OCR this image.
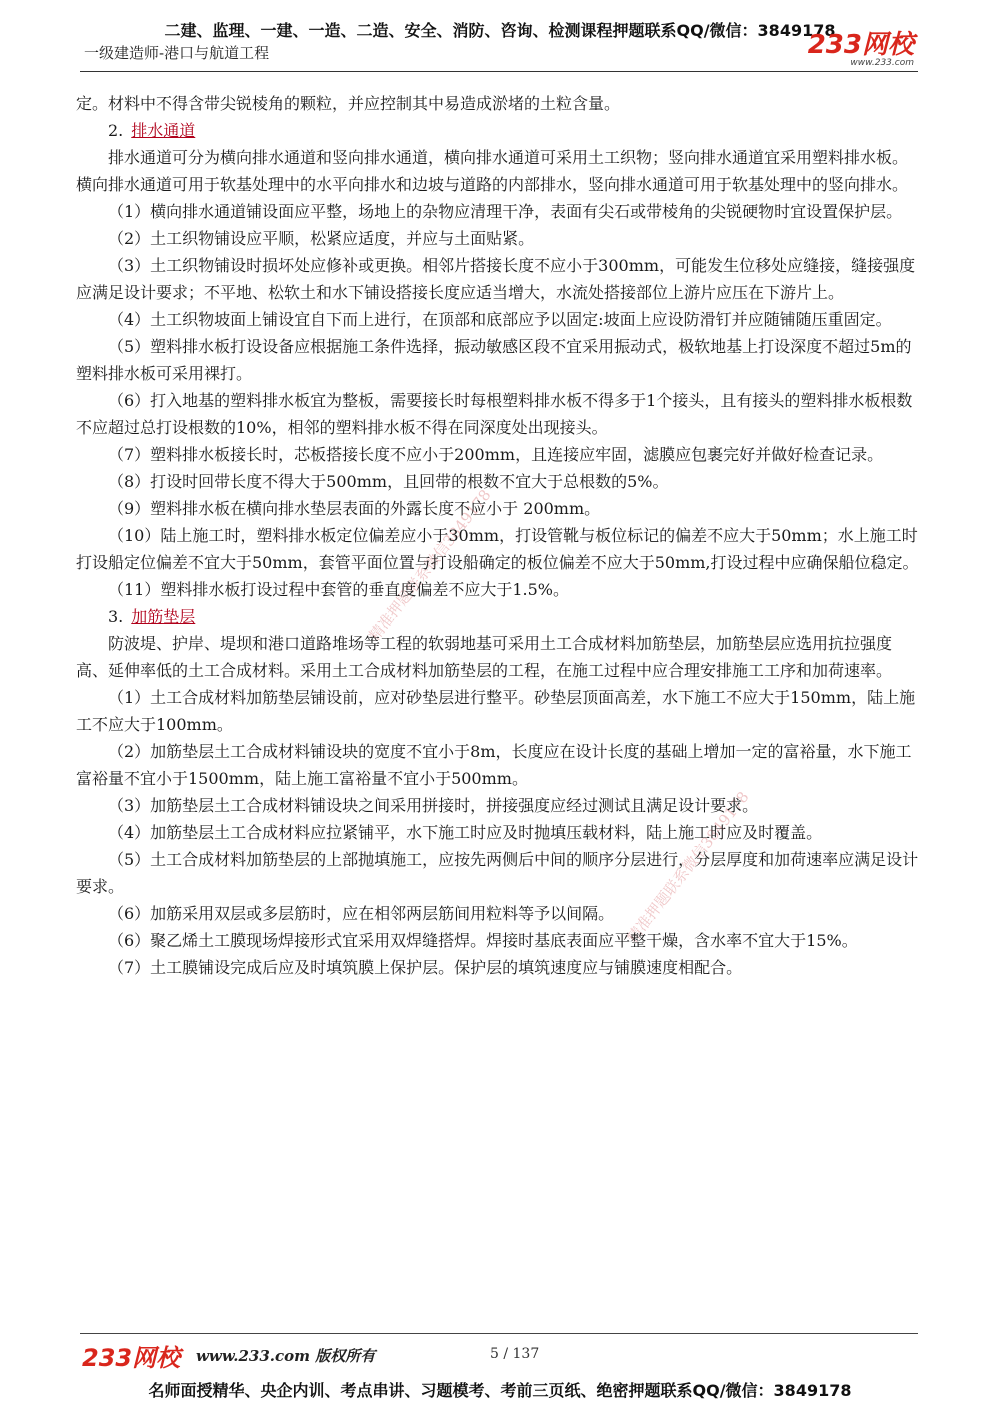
二建、监理、一建、一造、二造、安全、消防、咨询、检测课程押题联系QQ/微信：3849178
一级建造师-港口与航道工程	233网校
www.233.com
精准押题联系微信3849178
精准押题联系微信3849178

定。材料中不得含带尖锐棱角的颗粒，并应控制其中易造成淤堵的土粒含量。

2. 排水通道

排水通道可分为横向排水通道和竖向排水通道，横向排水通道可采用土工织物；竖向排水通道宜采用塑料排水板。横向排水通道可用于软基处理中的水平向排水和边坡与道路的内部排水，竖向排水通道可用于软基处理中的竖向排水。

（1）横向排水通道铺设面应平整，场地上的杂物应清理干净，表面有尖石或带棱角的尖锐硬物时宜设置保护层。

（2）土工织物铺设应平顺，松紧应适度，并应与土面贴紧。

（3）土工织物铺设时损坏处应修补或更换。相邻片搭接长度不应小于300mm，可能发生位移处应缝接，缝接强度应满足设计要求；不平地、松软土和水下铺设搭接长度应适当增大，水流处搭接部位上游片应压在下游片上。

（4）土工织物坡面上铺设宜自下而上进行，在顶部和底部应予以固定:坡面上应设防滑钉并应随铺随压重固定。

（5）塑料排水板打设设备应根据施工条件选择，振动敏感区段不宜采用振动式，极软地基上打设深度不超过5m的塑料排水板可采用裸打。

（6）打入地基的塑料排水板宜为整板，需要接长时每根塑料排水板不得多于1个接头，且有接头的塑料排水板根数不应超过总打设根数的10%，相邻的塑料排水板不得在同深度处出现接头。

（7）塑料排水板接长时，芯板搭接长度不应小于200mm，且连接应牢固，滤膜应包裹完好并做好检查记录。

（8）打设时回带长度不得大于500mm，且回带的根数不宜大于总根数的5%。

（9）塑料排水板在横向排水垫层表面的外露长度不应小于 200mm。

（10）陆上施工时，塑料排水板定位偏差应小于30mm，打设管靴与板位标记的偏差不应大于50mm；水上施工时打设船定位偏差不宜大于50mm，套管平面位置与打设船确定的板位偏差不应大于50mm,打设过程中应确保船位稳定。

（11）塑料排水板打设过程中套管的垂直度偏差不应大于1.5%。

3. 加筋垫层

防波堤、护岸、堤坝和港口道路堆场等工程的软弱地基可采用土工合成材料加筋垫层，加筋垫层应选用抗拉强度高、延伸率低的土工合成材料。采用土工合成材料加筋垫层的工程，在施工过程中应合理安排施工工序和加荷速率。

（1）土工合成材料加筋垫层铺设前，应对砂垫层进行整平。砂垫层顶面高差，水下施工不应大于150mm，陆上施工不应大于100mm。

（2）加筋垫层土工合成材料铺设块的宽度不宜小于8m，长度应在设计长度的基础上增加一定的富裕量，水下施工富裕量不宜小于1500mm，陆上施工富裕量不宜小于500mm。

（3）加筋垫层土工合成材料铺设块之间采用拼接时，拼接强度应经过测试且满足设计要求。

（4）加筋垫层土工合成材料应拉紧铺平，水下施工时应及时抛填压载材料，陆上施工时应及时覆盖。

（5）土工合成材料加筋垫层的上部抛填施工，应按先两侧后中间的顺序分层进行，分层厚度和加荷速率应满足设计要求。

（6）加筋采用双层或多层筋时，应在相邻两层筋间用粒料等予以间隔。

（6）聚乙烯土工膜现场焊接形式宜采用双焊缝搭焊。焊接时基底表面应平整干燥，含水率不宜大于15%。

（7）土工膜铺设完成后应及时填筑膜上保护层。保护层的填筑速度应与铺膜速度相配合。

233网校 www.233.com 版权所有	5 / 137
名师面授精华、央企内训、考点串讲、习题模考、考前三页纸、绝密押题联系QQ/微信：3849178
